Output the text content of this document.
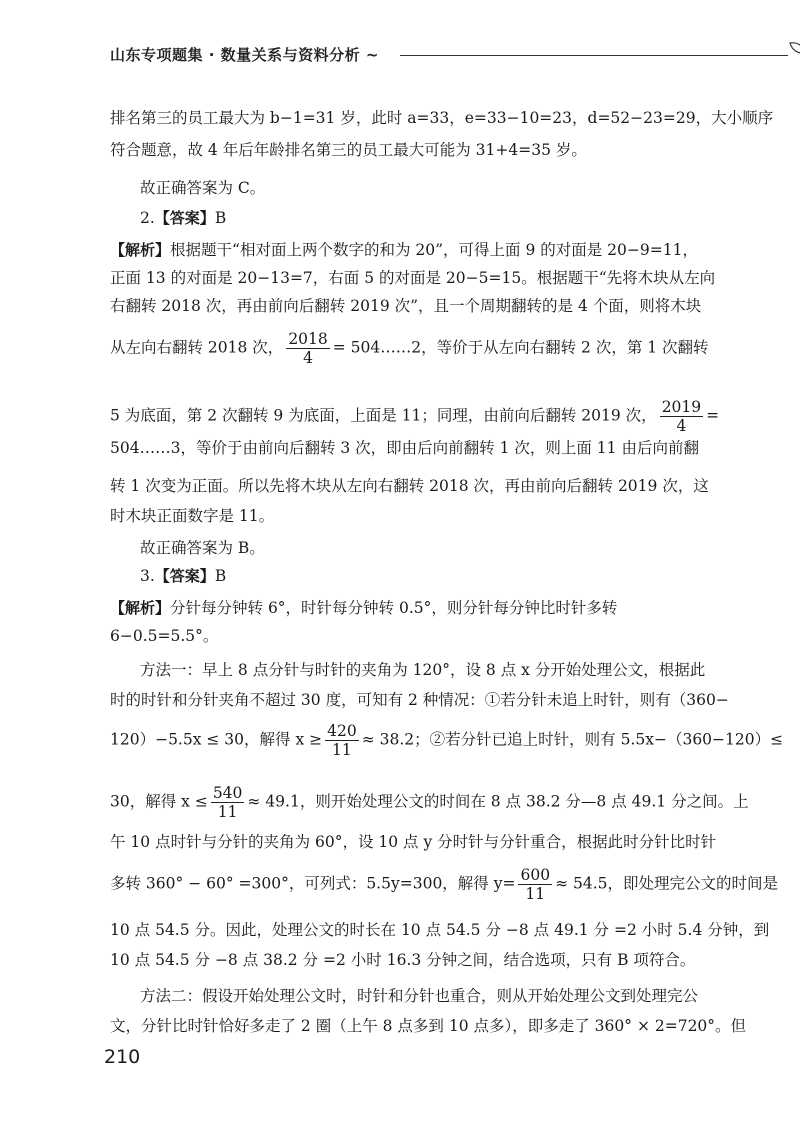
山东专项题集 · 数量关系与资料分析 ~
排名第三的员工最大为 b−1=31 岁，此时 a=33，e=33−10=23，d=52−23=29，大小顺序
符合题意，故 4 年后年龄排名第三的员工最大可能为 31+4=35 岁。
故正确答案为 C。
2.【答案】B
【解析】根据题干“相对面上两个数字的和为 20”，可得上面 9 的对面是 20−9=11，
正面 13 的对面是 20−13=7，右面 5 的对面是 20−5=15。根据题干“先将木块从左向
右翻转 2018 次，再由前向后翻转 2019 次”，且一个周期翻转的是 4 个面，则将木块
从左向右翻转 2018 次， $\frac{2018}{4}$ = 504……2，等价于从左向右翻转 2 次，第 1 次翻转
5 为底面，第 2 次翻转 9 为底面，上面是 11；同理，由前向后翻转 2019 次， $\frac{2019}{4}$ =
504……3，等价于由前向后翻转 3 次，即由后向前翻转 1 次，则上面 11 由后向前翻
转 1 次变为正面。所以先将木块从左向右翻转 2018 次，再由前向后翻转 2019 次，这
时木块正面数字是 11。
故正确答案为 B。
3.【答案】B
【解析】分针每分钟转 6°，时针每分钟转 0.5°，则分针每分钟比时针多转
6−0.5=5.5°。
方法一：早上 8 点分针与时针的夹角为 120°，设 8 点 x 分开始处理公文，根据此
时的时针和分针夹角不超过 30 度，可知有 2 种情况：①若分针未追上时针，则有（360−
120）−5.5x ≤ 30，解得 $x \ge \frac{420}{11} \approx 38.2$；②若分针已追上时针，则有 5.5x−（360−120）≤
30，解得 $x \le \frac{540}{11} \approx 49.1$，则开始处理公文的时间在 8 点 38.2 分—8 点 49.1 分之间。上
午 10 点时针与分针的夹角为 60°，设 10 点 y 分时针与分针重合，根据此时分针比时针
多转 360° − 60° =300°，可列式：5.5y=300，解得 $y= \frac{600}{11} \approx 54.5$，即处理完公文的时间是
10 点 54.5 分。因此，处理公文的时长在 10 点 54.5 分 −8 点 49.1 分 =2 小时 5.4 分钟，到
10 点 54.5 分 −8 点 38.2 分 =2 小时 16.3 分钟之间，结合选项，只有 B 项符合。
方法二：假设开始处理公文时，时针和分针也重合，则从开始处理公文到处理完公
文，分针比时针恰好多走了 2 圈（上午 8 点多到 10 点多），即多走了 360° × 2=720°。但
210
